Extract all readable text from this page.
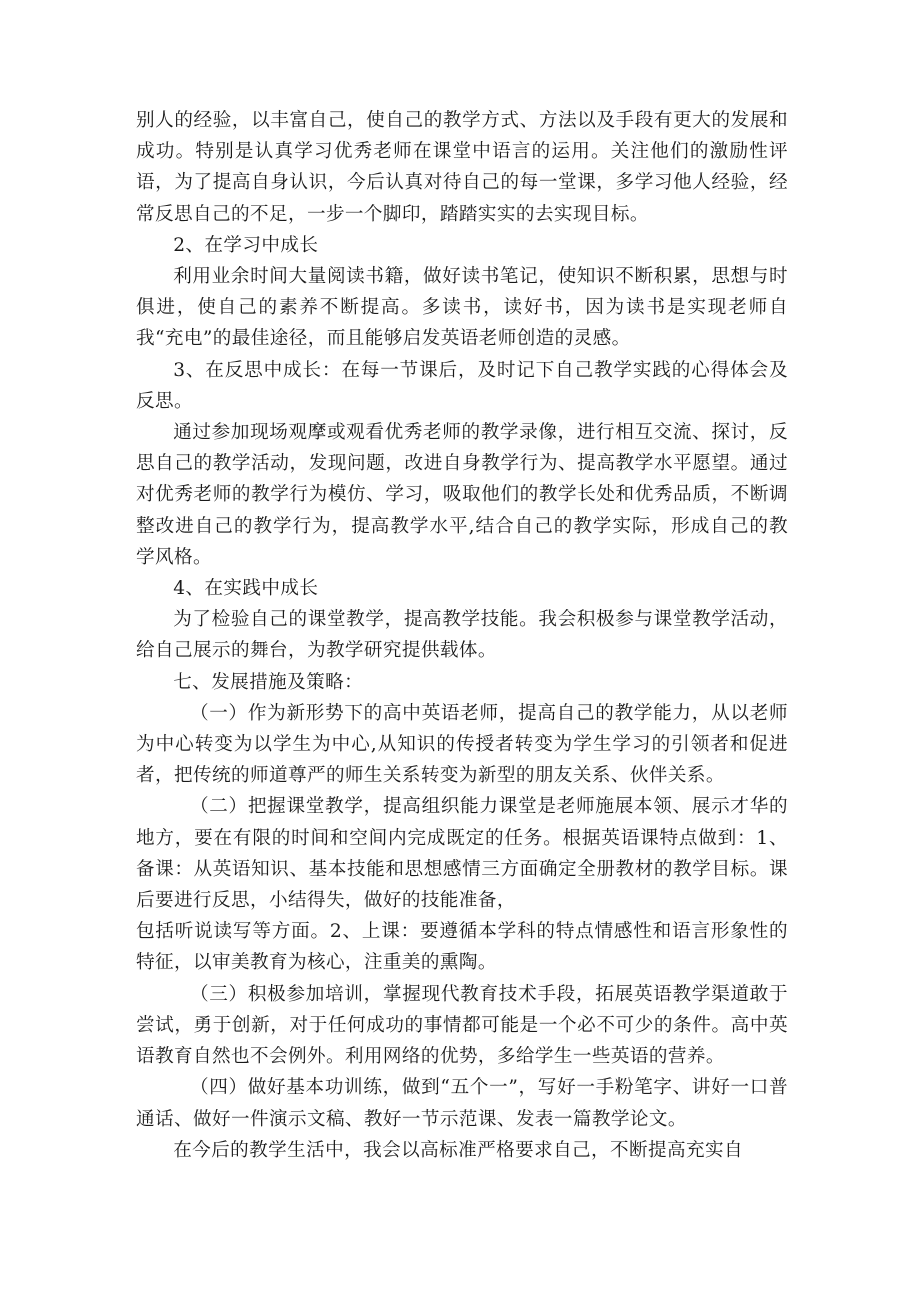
别人的经验，以丰富自己，使自己的教学方式、方法以及手段有更大的发展和成功。特别是认真学习优秀老师在课堂中语言的运用。关注他们的激励性评语，为了提高自身认识，今后认真对待自己的每一堂课，多学习他人经验，经常反思自己的不足，一步一个脚印，踏踏实实的去实现目标。

2、在学习中成长

利用业余时间大量阅读书籍，做好读书笔记，使知识不断积累，思想与时俱进，使自己的素养不断提高。多读书，读好书，因为读书是实现老师自我“充电”的最佳途径，而且能够启发英语老师创造的灵感。

3、在反思中成长：在每一节课后，及时记下自己教学实践的心得体会及反思。

通过参加现场观摩或观看优秀老师的教学录像，进行相互交流、探讨，反思自己的教学活动，发现问题，改进自身教学行为、提高教学水平愿望。通过对优秀老师的教学行为模仿、学习，吸取他们的教学长处和优秀品质，不断调整改进自己的教学行为，提高教学水平,结合自己的教学实际，形成自己的教学风格。

4、在实践中成长

为了检验自己的课堂教学，提高教学技能。我会积极参与课堂教学活动，给自己展示的舞台，为教学研究提供载体。

七、发展措施及策略：

（一）作为新形势下的高中英语老师，提高自己的教学能力，从以老师为中心转变为以学生为中心,从知识的传授者转变为学生学习的引领者和促进者，把传统的师道尊严的师生关系转变为新型的朋友关系、伙伴关系。

（二）把握课堂教学，提高组织能力课堂是老师施展本领、展示才华的地方，要在有限的时间和空间内完成既定的任务。根据英语课特点做到：1、备课：从英语知识、基本技能和思想感情三方面确定全册教材的教学目标。课后要进行反思，小结得失，做好的技能准备，

包括听说读写等方面。2、上课：要遵循本学科的特点情感性和语言形象性的特征，以审美教育为核心，注重美的熏陶。

（三）积极参加培训，掌握现代教育技术手段，拓展英语教学渠道敢于尝试，勇于创新，对于任何成功的事情都可能是一个必不可少的条件。高中英语教育自然也不会例外。利用网络的优势，多给学生一些英语的营养。

（四）做好基本功训练，做到“五个一”，写好一手粉笔字、讲好一口普通话、做好一件演示文稿、教好一节示范课、发表一篇教学论文。

在今后的教学生活中，我会以高标准严格要求自己，不断提高充实自
